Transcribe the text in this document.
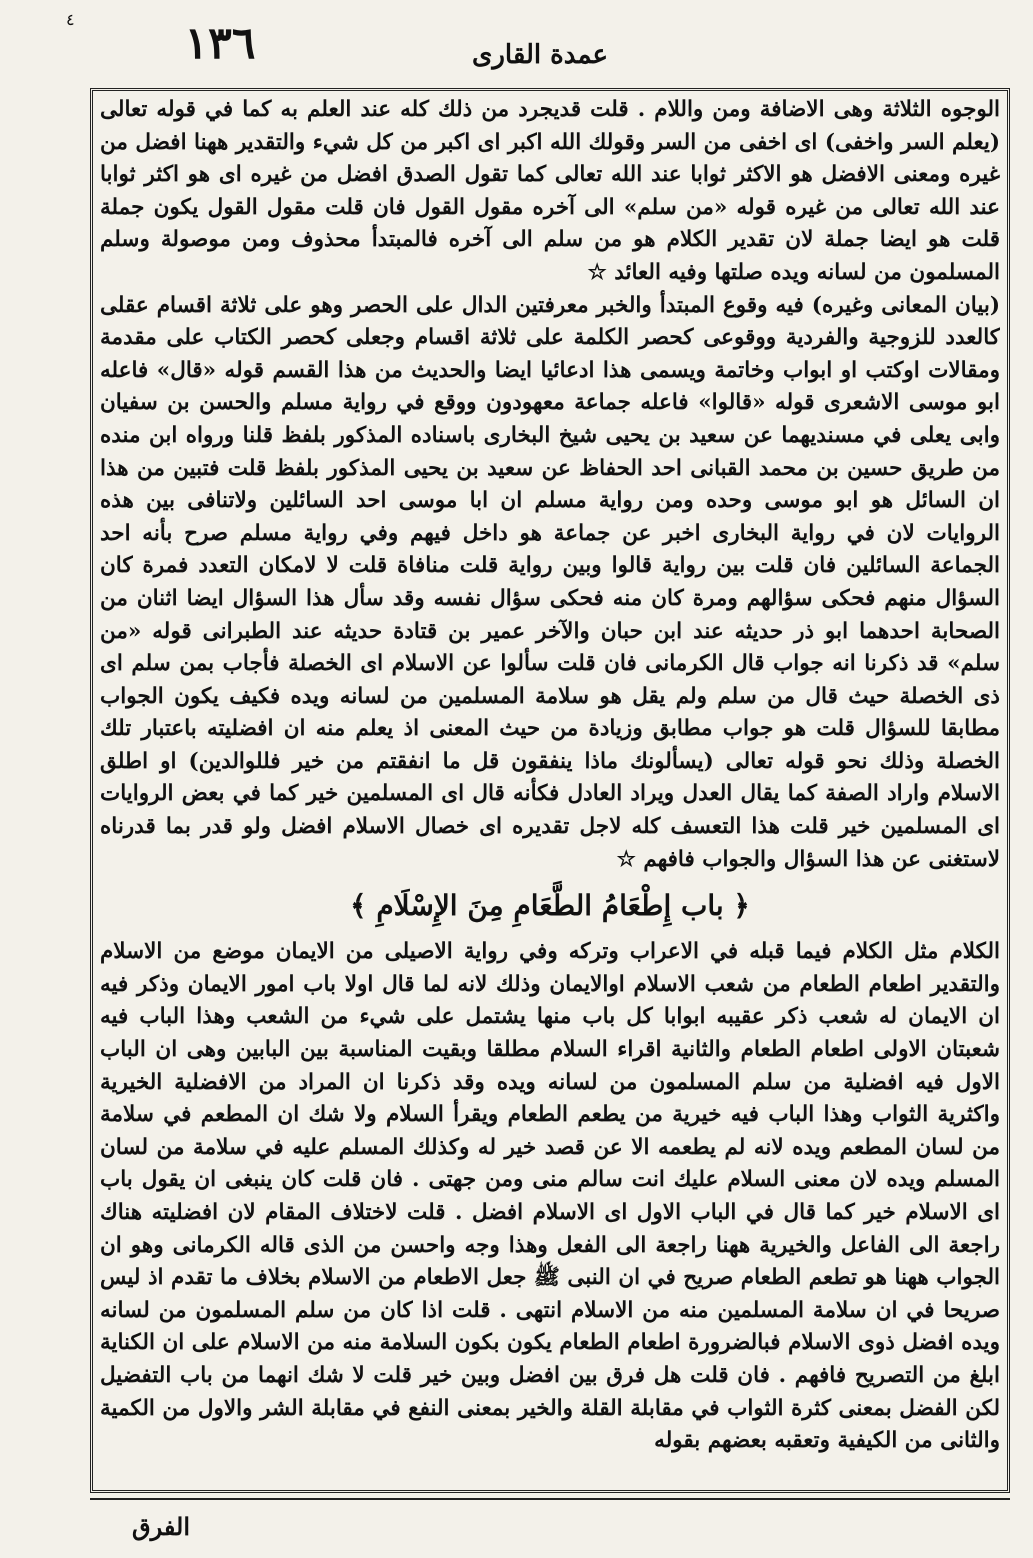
٤	١٣٦	عمدة القارى

الوجوه الثلاثة وهى الاضافة ومن واللام . قلت قديجرد من ذلك كله عند العلم به كما في قوله تعالى (يعلم السر واخفى) اى اخفى من السر وقولك الله اكبر اى اكبر من كل شيء والتقدير ههنا افضل من غيره ومعنى الافضل هو الاكثر ثوابا عند الله تعالى كما تقول الصدق افضل من غيره اى هو اكثر ثوابا عند الله تعالى من غيره قوله «من سلم» الى آخره مقول القول فان قلت مقول القول يكون جملة قلت هو ايضا جملة لان تقدير الكلام هو من سلم الى آخره فالمبتدأ محذوف ومن موصولة وسلم المسلمون من لسانه ويده صلتها وفيه العائد ☆

(بيان المعانى وغيره) فيه وقوع المبتدأ والخبر معرفتين الدال على الحصر وهو على ثلاثة اقسام عقلى كالعدد للزوجية والفردية ووقوعى كحصر الكلمة على ثلاثة اقسام وجعلى كحصر الكتاب على مقدمة ومقالات اوكتب او ابواب وخاتمة ويسمى هذا ادعائيا ايضا والحديث من هذا القسم قوله «قال» فاعله ابو موسى الاشعرى قوله «قالوا» فاعله جماعة معهودون ووقع في رواية مسلم والحسن بن سفيان وابى يعلى في مسنديهما عن سعيد بن يحيى شيخ البخارى باسناده المذكور بلفظ قلنا ورواه ابن منده من طريق حسين بن محمد القبانى احد الحفاظ عن سعيد بن يحيى المذكور بلفظ قلت فتبين من هذا ان السائل هو ابو موسى وحده ومن رواية مسلم ان ابا موسى احد السائلين ولاتنافى بين هذه الروايات لان في رواية البخارى اخبر عن جماعة هو داخل فيهم وفي رواية مسلم صرح بأنه احد الجماعة السائلين فان قلت بين رواية قالوا وبين رواية قلت منافاة قلت لا لامكان التعدد فمرة كان السؤال منهم فحكى سؤالهم ومرة كان منه فحكى سؤال نفسه وقد سأل هذا السؤال ايضا اثنان من الصحابة احدهما ابو ذر حديثه عند ابن حبان والآخر عمير بن قتادة حديثه عند الطبرانى قوله «من سلم» قد ذكرنا انه جواب قال الكرمانى فان قلت سألوا عن الاسلام اى الخصلة فأجاب بمن سلم اى ذى الخصلة حيث قال من سلم ولم يقل هو سلامة المسلمين من لسانه ويده فكيف يكون الجواب مطابقا للسؤال قلت هو جواب مطابق وزيادة من حيث المعنى اذ يعلم منه ان افضليته باعتبار تلك الخصلة وذلك نحو قوله تعالى (يسألونك ماذا ينفقون قل ما انفقتم من خير فللوالدين) او اطلق الاسلام واراد الصفة كما يقال العدل ويراد العادل فكأنه قال اى المسلمين خير كما في بعض الروايات اى المسلمين خير قلت هذا التعسف كله لاجل تقديره اى خصال الاسلام افضل ولو قدر بما قدرناه لاستغنى عن هذا السؤال والجواب فافهم ☆

﴿ باب إِطْعَامُ الطَّعَامِ مِنَ الإِسْلَامِ ﴾

الكلام مثل الكلام فيما قبله في الاعراب وتركه وفي رواية الاصيلى من الايمان موضع من الاسلام والتقدير اطعام الطعام من شعب الاسلام اوالايمان وذلك لانه لما قال اولا باب امور الايمان وذكر فيه ان الايمان له شعب ذكر عقيبه ابوابا كل باب منها يشتمل على شيء من الشعب وهذا الباب فيه شعبتان الاولى اطعام الطعام والثانية اقراء السلام مطلقا وبقيت المناسبة بين البابين وهى ان الباب الاول فيه افضلية من سلم المسلمون من لسانه ويده وقد ذكرنا ان المراد من الافضلية الخيرية واكثرية الثواب وهذا الباب فيه خيرية من يطعم الطعام ويقرأ السلام ولا شك ان المطعم في سلامة من لسان المطعم ويده لانه لم يطعمه الا عن قصد خير له وكذلك المسلم عليه في سلامة من لسان المسلم ويده لان معنى السلام عليك انت سالم منى ومن جهتى . فان قلت كان ينبغى ان يقول باب اى الاسلام خير كما قال في الباب الاول اى الاسلام افضل . قلت لاختلاف المقام لان افضليته هناك راجعة الى الفاعل والخيرية ههنا راجعة الى الفعل وهذا وجه واحسن من الذى قاله الكرمانى وهو ان الجواب ههنا هو تطعم الطعام صريح في ان النبى ﷺ جعل الاطعام من الاسلام بخلاف ما تقدم اذ ليس صريحا في ان سلامة المسلمين منه من الاسلام انتهى . قلت اذا كان من سلم المسلمون من لسانه ويده افضل ذوى الاسلام فبالضرورة اطعام الطعام يكون بكون السلامة منه من الاسلام على ان الكناية ابلغ من التصريح فافهم . فان قلت هل فرق بين افضل وبين خير قلت لا شك انهما من باب التفضيل لكن الفضل بمعنى كثرة الثواب في مقابلة القلة والخير بمعنى النفع في مقابلة الشر والاول من الكمية والثانى من الكيفية وتعقبه بعضهم بقوله

الفرق
